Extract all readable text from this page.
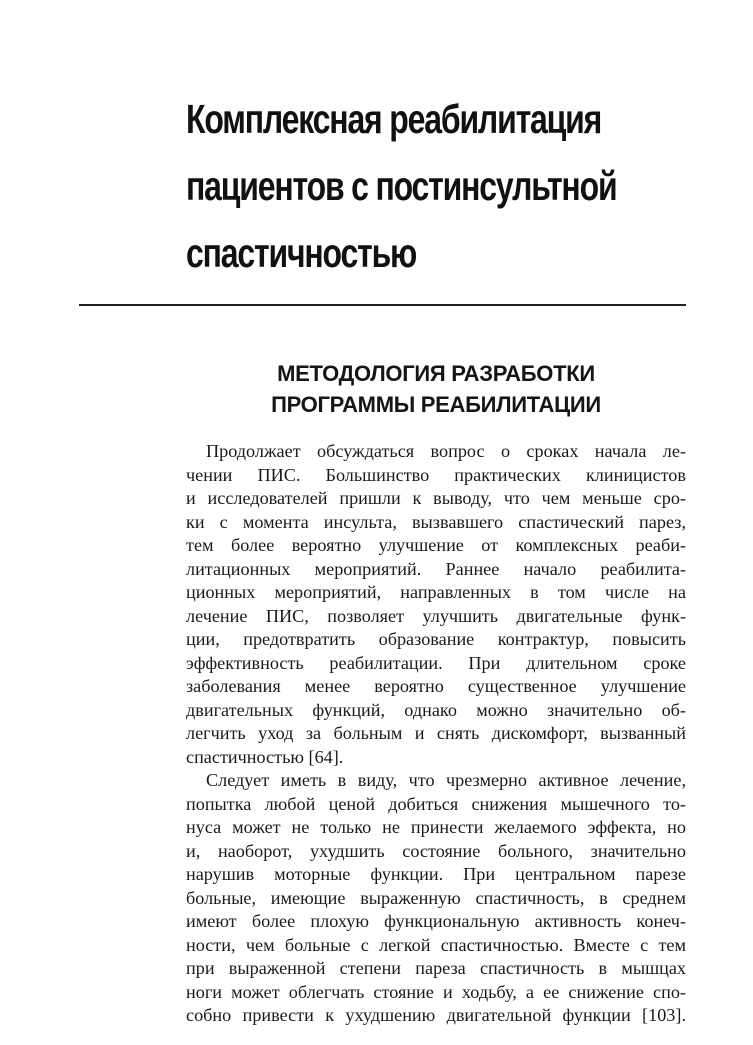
Комплексная реабилитация
пациентов с постинсультной
спастичностью
МЕТОДОЛОГИЯ РАЗРАБОТКИ
ПРОГРАММЫ РЕАБИЛИТАЦИИ

Продолжает обсуждаться вопрос о сроках начала ле-
чении ПИС. Большинство практических клиницистов
и исследователей пришли к выводу, что чем меньше сро-
ки с момента инсульта, вызвавшего спастический парез,
тем более вероятно улучшение от комплексных реаби-
литационных мероприятий. Раннее начало реабилита-
ционных мероприятий, направленных в том числе на
лечение ПИС, позволяет улучшить двигательные функ-
ции, предотвратить образование контрактур, повысить
эффективность реабилитации. При длительном сроке
заболевания менее вероятно существенное улучшение
двигательных функций, однако можно значительно об-
легчить уход за больным и снять дискомфорт, вызванный
спастичностью [64].

Следует иметь в виду, что чрезмерно активное лечение,
попытка любой ценой добиться снижения мышечного то-
нуса может не только не принести желаемого эффекта, но
и, наоборот, ухудшить состояние больного, значительно
нарушив моторные функции. При центральном парезе
больные, имеющие выраженную спастичность, в среднем
имеют более плохую функциональную активность конеч-
ности, чем больные с легкой спастичностью. Вместе с тем
при выраженной степени пареза спастичность в мышцах
ноги может облегчать стояние и ходьбу, а ее снижение спо-
собно привести к ухудшению двигательной функции [103].
